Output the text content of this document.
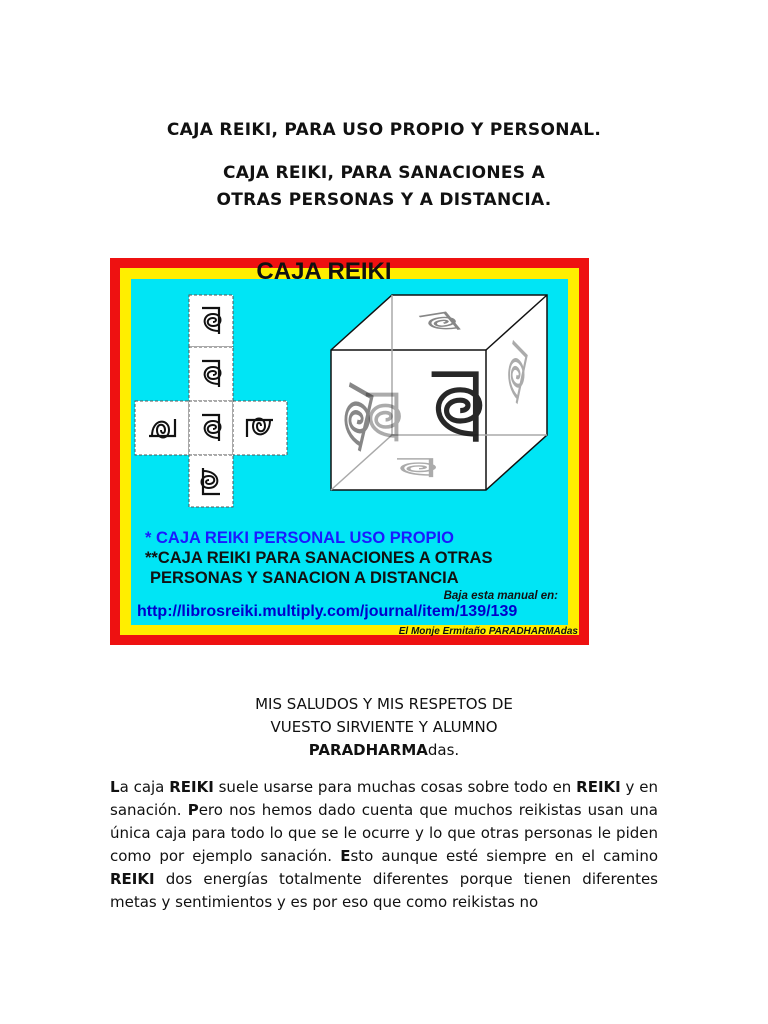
CAJA REIKI, PARA USO PROPIO Y PERSONAL.
CAJA REIKI, PARA SANACIONES A
OTRAS PERSONAS Y A DISTANCIA.
CAJA REIKI
* CAJA REIKI PERSONAL USO PROPIO
**CAJA REIKI PARA SANACIONES A OTRAS
PERSONAS Y SANACION A DISTANCIA
Baja esta manual en:
http://librosreiki.multiply.com/journal/item/139/139
El Monje Ermitaño PARADHARMAdas
MIS SALUDOS Y MIS RESPETOS DE
VUESTO SIRVIENTE Y ALUMNO
PARADHARMAdas.

La caja REIKI suele usarse para muchas cosas sobre todo en REIKI y en sanación. Pero nos hemos dado cuenta que muchos reikistas usan una única caja para todo lo que se le ocurre y lo que otras personas le piden como por ejemplo sanación. Esto aunque esté siempre en el camino REIKI dos energías totalmente diferentes porque tienen diferentes metas y sentimientos y es por eso que como reikistas no
